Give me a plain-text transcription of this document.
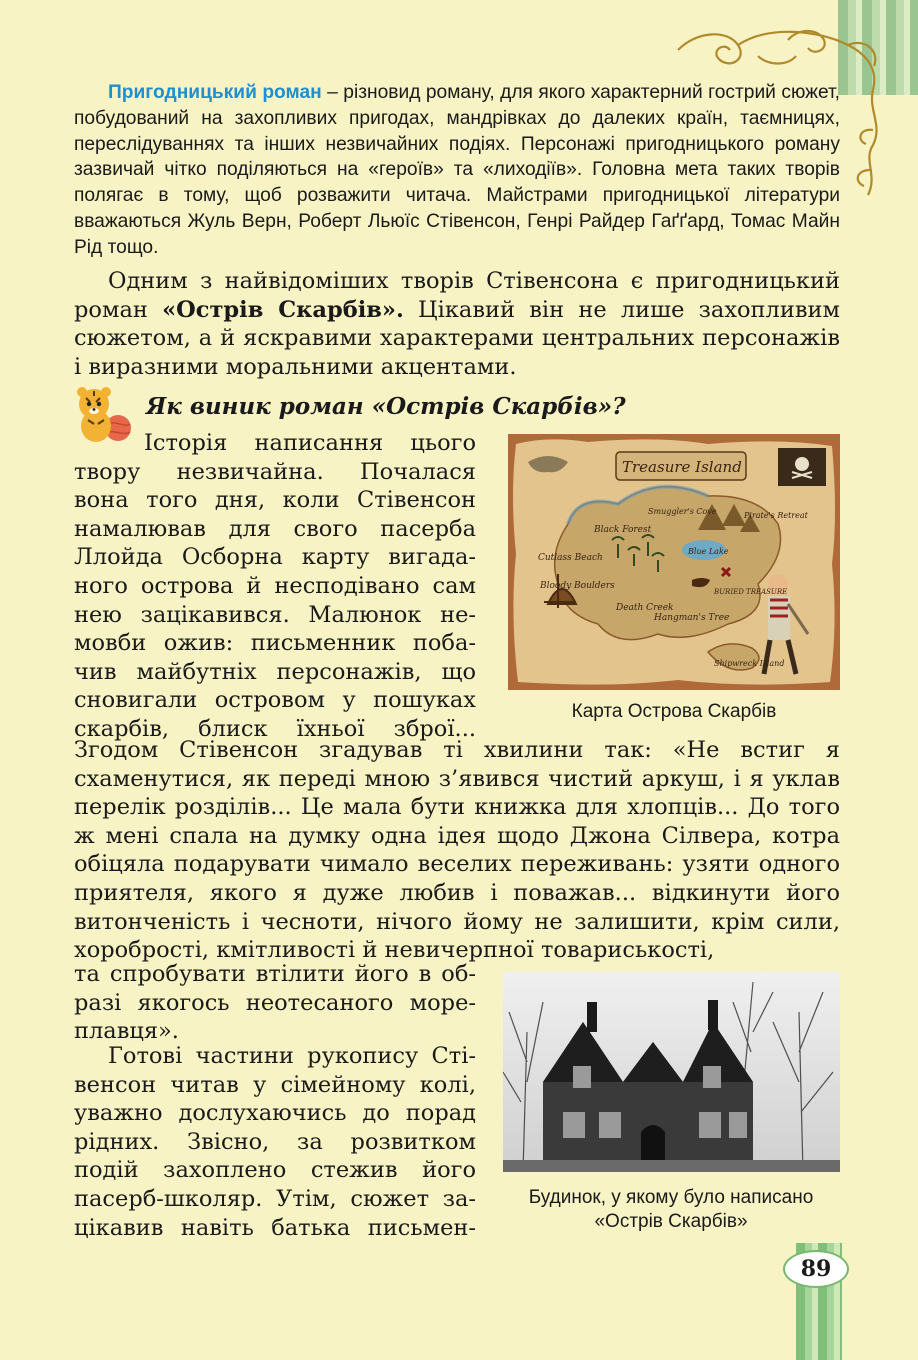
Пригодницький роман – різновид роману, для якого характерний гострий сюжет, побудований на захопливих пригодах, мандрівках до далеких країн, таємницях, переслідуваннях та інших незвичайних подіях. Персонажі пригодницького роману зазвичай чітко поділяються на «героїв» та «лиходіїв». Головна мета таких творів полягає в тому, щоб розважити читача. Майстрами пригодницької літератури вважаються Жуль Верн, Роберт Льюїс Стівенсон, Генрі Райдер Гаґґард, Томас Майн Рід тощо.
Одним з найвідоміших творів Стівенсона є пригодницький роман «Острів Скарбів». Цікавий він не лише захопливим сюжетом, а й яскравими характерами центральних персонажів і виразними моральними акцентами.
Як виник роман «Острів Скарбів»?
Історія написання цього
твору незвичайна. Почалася
вона того дня, коли Стівенсон
намалював для свого пасерба
Ллойда Осборна карту вигада-
ного острова й несподівано сам
нею зацікавився. Малюнок не-
мовби ожив: письменник поба-
чив майбутніх персонажів, що
сновигали островом у пошуках
скарбів, блиск їхньої зброї...
Treasure Island
Black Forest
Cutlass Beach
Bloody Boulders
Death Creek
Hangman's Tree
Blue Lake
BURIED TREASURE
Smuggler's Cove	Pirate's Retreat
Shipwreck Island
Карта Острова Скарбів
Згодом Стівенсон згадував ті хвилини так: «Не встиг я схаменутися, як переді мною з’явився чистий аркуш, і я уклав перелік розділів... Це мала бути книжка для хлопців... До того ж мені спала на думку одна ідея щодо Джона Сілвера, котра обіцяла подарувати чимало веселих переживань: узяти одного приятеля, якого я дуже любив і поважав... відкинути його витонченість і чесноти, нічого йому не залишити, крім сили, хоробрості, кмітливості й невичерпної товариськості,
та спробувати втілити його в об-
разі якогось неотесаного море-
плавця».
Готові частини рукопису Сті-
венсон читав у сімейному колі,
уважно дослухаючись до порад
рідних. Звісно, за розвитком
подій захоплено стежив його
пасерб-школяр. Утім, сюжет за-
цікавив навіть батька письмен-
Будинок, у якому було написано
«Острів Скарбів»
89
